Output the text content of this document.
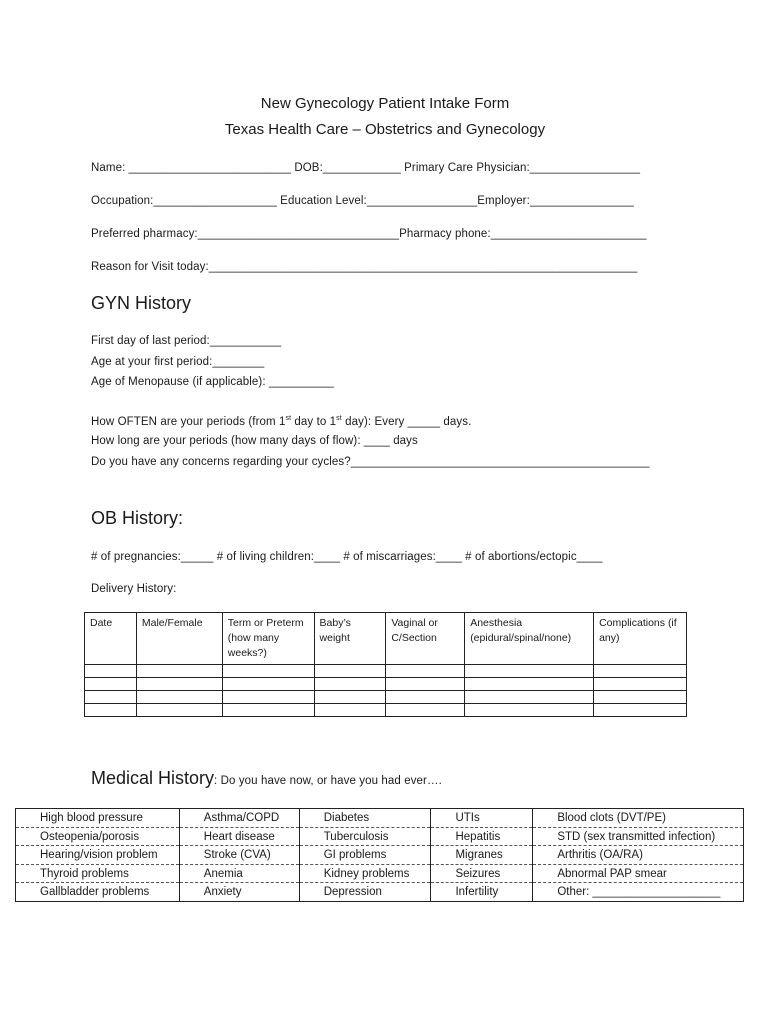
New Gynecology Patient Intake Form
Texas Health Care – Obstetrics and Gynecology
Name: _________________________ DOB:____________ Primary Care Physician:_________________
Occupation:___________________ Education Level:_________________Employer:________________
Preferred pharmacy:_______________________________Pharmacy phone:________________________
Reason for Visit today:__________________________________________________________________
GYN History
First day of last period:___________
Age at your first period:________
Age of Menopause (if applicable): __________
How OFTEN are your periods (from 1st day to 1st day): Every _____ days.
How long are your periods (how many days of flow): ____ days
Do you have any concerns regarding your cycles?______________________________________________
OB History:
# of pregnancies:_____ # of living children:____ # of miscarriages:____ # of abortions/ectopic____
Delivery History:
Date	Male/Female	Term or Preterm (how many weeks?)	Baby’s weight	Vaginal or C/Section	Anesthesia (epidural/spinal/none)	Complications (if any)

Medical History: Do you have now, or have you had ever….
High blood pressure	Asthma/COPD	Diabetes	UTIs	Blood clots (DVT/PE)
Osteopenia/porosis	Heart disease	Tuberculosis	Hepatitis	STD (sex transmitted infection)
Hearing/vision problem	Stroke (CVA)	GI problems	Migranes	Arthritis (OA/RA)
Thyroid problems	Anemia	Kidney problems	Seizures	Abnormal PAP smear
Gallbladder problems	Anxiety	Depression	Infertility	Other: ____________________
